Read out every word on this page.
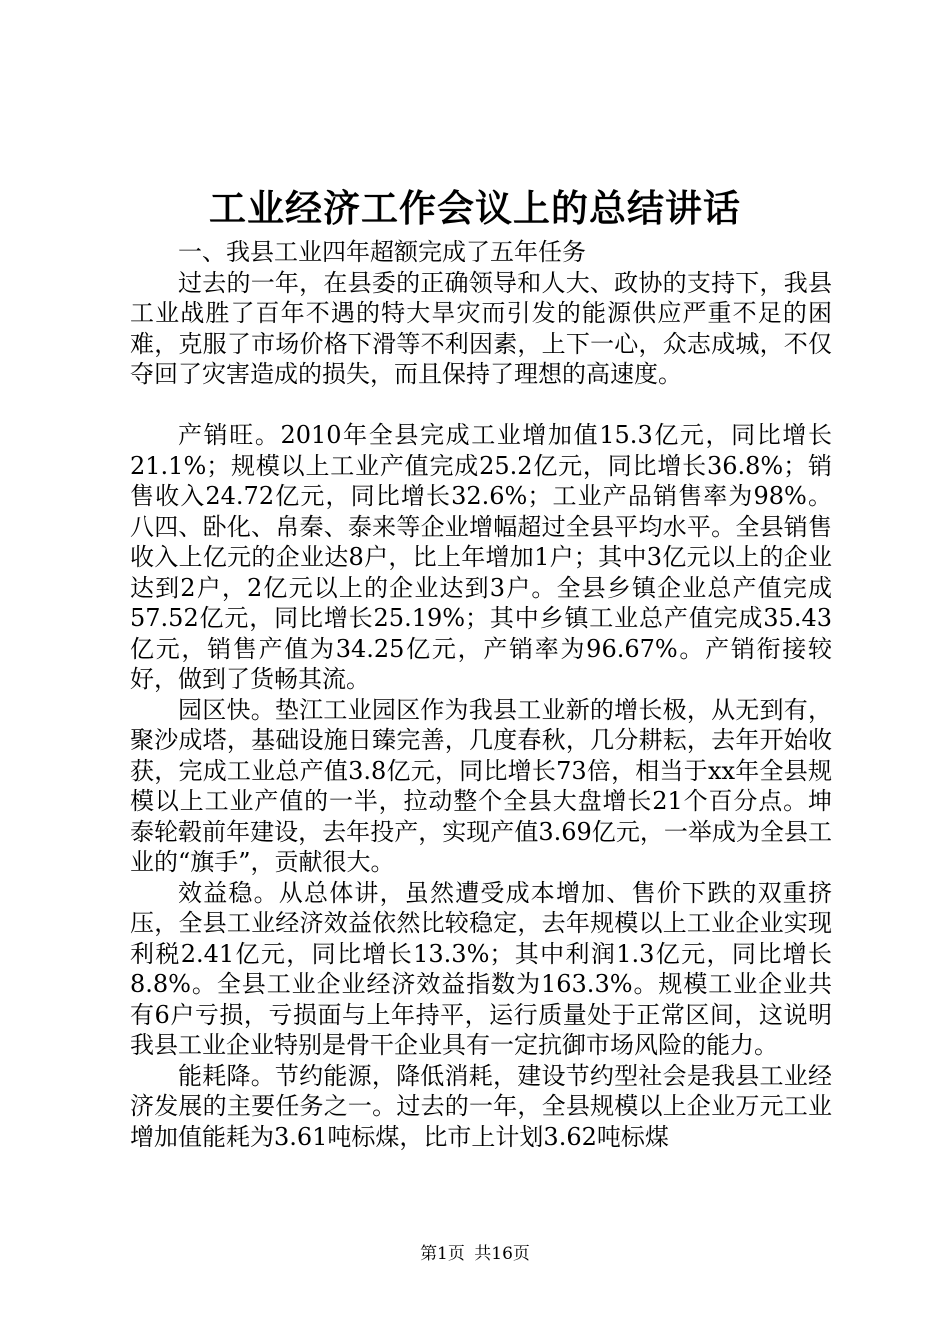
工业经济工作会议上的总结讲话

一、我县工业四年超额完成了五年任务

过去的一年，在县委的正确领导和人大、政协的支持下，我县工业战胜了百年不遇的特大旱灾而引发的能源供应严重不足的困难，克服了市场价格下滑等不利因素，上下一心，众志成城，不仅夺回了灾害造成的损失，而且保持了理想的高速度。

产销旺。2010年全县完成工业增加值15.3亿元，同比增长21.1%；规模以上工业产值完成25.2亿元，同比增长36.8%；销售收入24.72亿元，同比增长32.6%；工业产品销售率为98%。八四、卧化、帛秦、泰来等企业增幅超过全县平均水平。全县销售收入上亿元的企业达8户，比上年增加1户；其中3亿元以上的企业达到2户，2亿元以上的企业达到3户。全县乡镇企业总产值完成57.52亿元，同比增长25.19%；其中乡镇工业总产值完成35.43亿元，销售产值为34.25亿元，产销率为96.67%。产销衔接较好，做到了货畅其流。

园区快。垫江工业园区作为我县工业新的增长极，从无到有，聚沙成塔，基础设施日臻完善，几度春秋，几分耕耘，去年开始收获，完成工业总产值3.8亿元，同比增长73倍，相当于xx年全县规模以上工业产值的一半，拉动整个全县大盘增长21个百分点。坤泰轮毂前年建设，去年投产，实现产值3.69亿元，一举成为全县工业的“旗手”，贡献很大。

效益稳。从总体讲，虽然遭受成本增加、售价下跌的双重挤压，全县工业经济效益依然比较稳定，去年规模以上工业企业实现利税2.41亿元，同比增长13.3%；其中利润1.3亿元，同比增长8.8%。全县工业企业经济效益指数为163.3%。规模工业企业共有6户亏损，亏损面与上年持平，运行质量处于正常区间，这说明我县工业企业特别是骨干企业具有一定抗御市场风险的能力。

能耗降。节约能源，降低消耗，建设节约型社会是我县工业经济发展的主要任务之一。过去的一年，全县规模以上企业万元工业增加值能耗为3.61吨标煤，比市上计划3.62吨标煤

第1页 共16页
